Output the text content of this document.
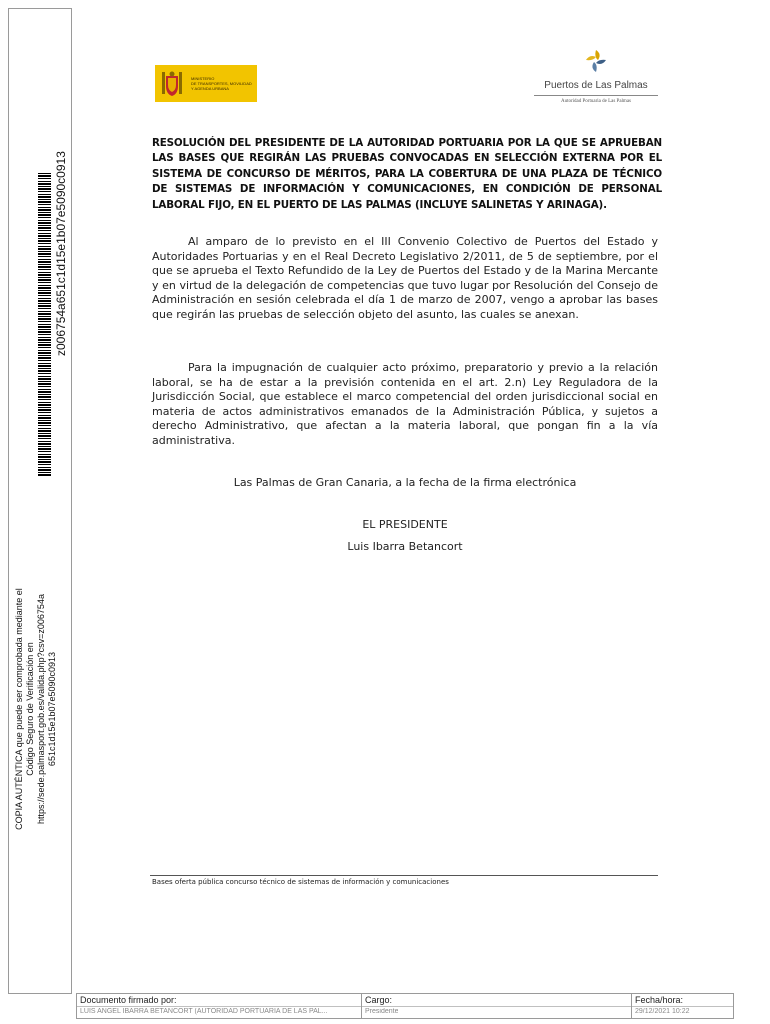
z006754a651c1d15e1b07e5090c0913
COPIA AUTÉNTICA que puede ser comprobada mediante el Código Seguro de Verificación en https://sede.palmasport.gob.es/valida.php?csv=z006754a 651c1d15e1b07e5090c0913
MINISTERIO
DE TRANSPORTES, MOVILIDAD
Y AGENDA URBANA	Puertos de Las Palmas
Autoridad Portuaria de Las Palmas
RESOLUCIÓN DEL PRESIDENTE DE LA AUTORIDAD PORTUARIA POR LA QUE SE APRUEBAN LAS BASES QUE REGIRÁN LAS PRUEBAS CONVOCADAS EN SELECCIÓN EXTERNA POR EL SISTEMA DE CONCURSO DE MÉRITOS, PARA LA COBERTURA DE UNA PLAZA DE TÉCNICO DE SISTEMAS DE INFORMACIÓN Y COMUNICACIONES, EN CONDICIÓN DE PERSONAL LABORAL FIJO, EN EL PUERTO DE LAS PALMAS (INCLUYE SALINETAS Y ARINAGA).
Al amparo de lo previsto en el III Convenio Colectivo de Puertos del Estado y Autoridades Portuarias y en el Real Decreto Legislativo 2/2011, de 5 de septiembre, por el que se aprueba el Texto Refundido de la Ley de Puertos del Estado y de la Marina Mercante y en virtud de la delegación de competencias que tuvo lugar por Resolución del Consejo de Administración en sesión celebrada el día 1 de marzo de 2007, vengo a aprobar las bases que regirán las pruebas de selección objeto del asunto, las cuales se anexan.
Para la impugnación de cualquier acto próximo, preparatorio y previo a la relación laboral, se ha de estar a la previsión contenida en el art. 2.n) Ley Reguladora de la Jurisdicción Social, que establece el marco competencial del orden jurisdiccional social en materia de actos administrativos emanados de la Administración Pública, y sujetos a derecho Administrativo, que afectan a la materia laboral, que pongan fin a la vía administrativa.
Las Palmas de Gran Canaria, a la fecha de la firma electrónica
EL PRESIDENTE
Luis Ibarra Betancort
Bases oferta pública concurso técnico de sistemas de información y comunicaciones
Documento firmado por:
LUIS ANGEL IBARRA BETANCORT (AUTORIDAD PORTUARIA DE LAS PAL...
Cargo:
Presidente
Fecha/hora:
29/12/2021 10:22
